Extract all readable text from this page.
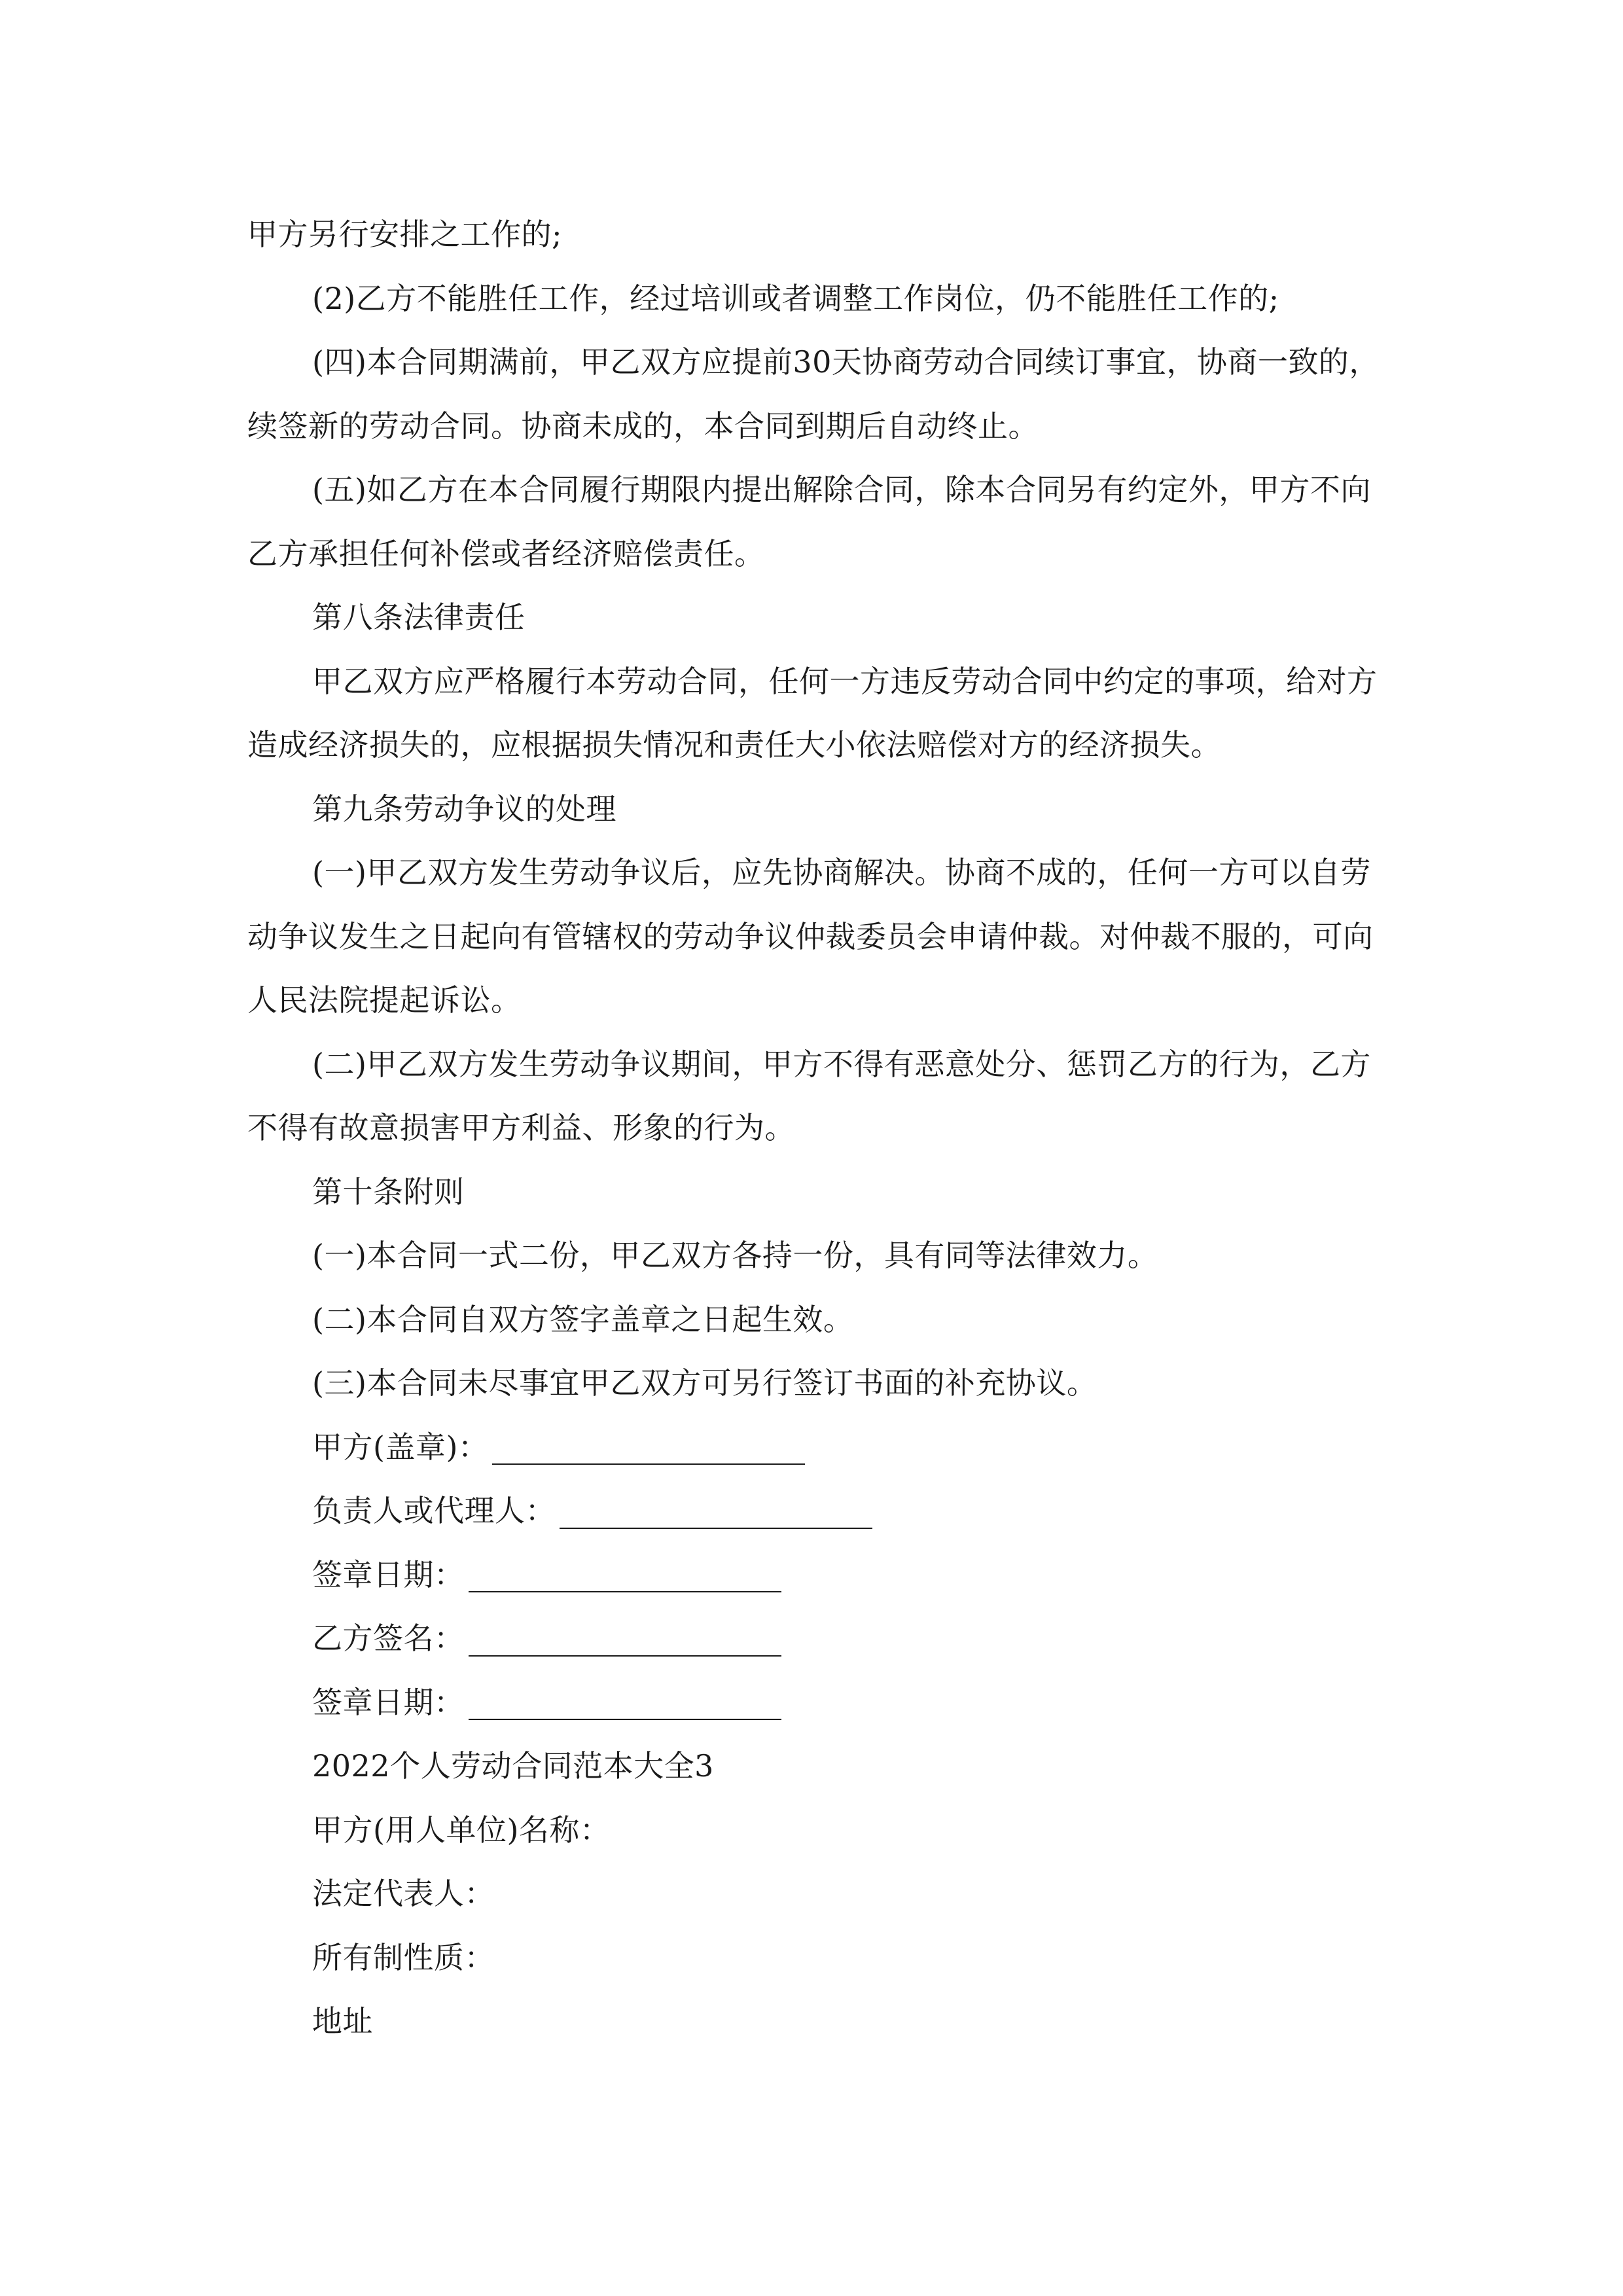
甲方另行安排之工作的;

(2)乙方不能胜任工作，经过培训或者调整工作岗位，仍不能胜任工作的;

(四)本合同期满前，甲乙双方应提前30天协商劳动合同续订事宜，协商一致的，续签新的劳动合同。协商未成的，本合同到期后自动终止。

(五)如乙方在本合同履行期限内提出解除合同，除本合同另有约定外，甲方不向乙方承担任何补偿或者经济赔偿责任。

第八条法律责任

甲乙双方应严格履行本劳动合同，任何一方违反劳动合同中约定的事项，给对方造成经济损失的，应根据损失情况和责任大小依法赔偿对方的经济损失。

第九条劳动争议的处理

(一)甲乙双方发生劳动争议后，应先协商解决。协商不成的，任何一方可以自劳动争议发生之日起向有管辖权的劳动争议仲裁委员会申请仲裁。对仲裁不服的，可向人民法院提起诉讼。

(二)甲乙双方发生劳动争议期间，甲方不得有恶意处分、惩罚乙方的行为，乙方不得有故意损害甲方利益、形象的行为。

第十条附则

(一)本合同一式二份，甲乙双方各持一份，具有同等法律效力。

(二)本合同自双方签字盖章之日起生效。

(三)本合同未尽事宜甲乙双方可另行签订书面的补充协议。

甲方(盖章)：
负责人或代理人：
签章日期：
乙方签名：
签章日期：

2022个人劳动合同范本大全3

甲方(用人单位)名称：

法定代表人：

所有制性质：

地址
